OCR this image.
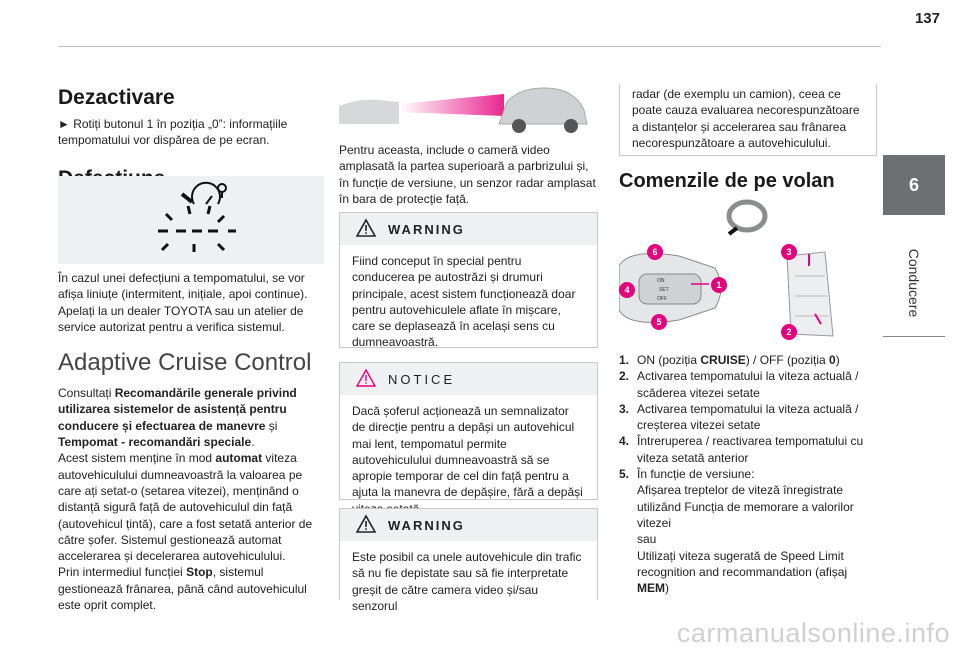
137
6
Conducere
Dezactivare

► Rotiți butonul 1 în poziția „0”: informațiile tempomatului vor dispărea de pe ecran.

În cazul unei defecțiuni a tempomatului, se vor afișa liniuțe (intermitent, inițiale, apoi continue). Apelați la un dealer TOYOTA sau un atelier de service autorizat pentru a verifica sistemul.

Adaptive Cruise Control

Consultați Recomandările generale privind utilizarea sistemelor de asistență pentru conducere și efectuarea de manevre și Tempomat - recomandări speciale.

Acest sistem menține în mod automat viteza autovehiculului dumneavoastră la valoarea pe care ați setat-o (setarea vitezei), menținând o distanță sigură față de autovehiculul din față (autovehicul țintă), care a fost setată anterior de către șofer. Sistemul gestionează automat accelerarea și decelerarea autovehiculului.

Prin intermediul funcției Stop, sistemul gestionează frânarea, până când autovehiculul este oprit complet.

Pentru aceasta, include o cameră video amplasată la partea superioară a parbrizului și, în funcție de versiune, un senzor radar amplasat în bara de protecție față.

WARNING
Fiind conceput în special pentru conducerea pe autostrăzi și drumuri principale, acest sistem funcționează doar pentru autovehiculele aflate în mișcare, care se deplasează în același sens cu dumneavoastră.
NOTICE
Dacă șoferul acționează un semnalizator de direcție pentru a depăși un autovehicul mai lent, tempomatul permite autovehiculului dumneavoastră să se apropie temporar de cel din față pentru a ajuta la manevra de depășire, fără a depăși
WARNING
Este posibil ca unele autovehicule din trafic să nu fie depistate sau să fie interpretate greșit de către camera video și/sau senzorul
radar (de exemplu un camion), ceea ce poate cauza evaluarea necorespunzătoare a distanțelor și accelerarea sau frânarea necorespunzătoare a autovehiculului.
Comenzile de pe volan
ON
SET
OFF
6
4	1
5
3
2
1. ON (poziția CRUISE) / OFF (poziția 0)
2. Activarea tempomatului la viteza actuală / scăderea vitezei setate
3. Activarea tempomatului la viteza actuală / creșterea vitezei setate
4. Întreruperea / reactivarea tempomatului cu viteza setată anterior
5. În funcție de versiune:
Afișarea treptelor de viteză înregistrate utilizând Funcția de memorare a valorilor vitezei
sau
Utilizați viteza sugerată de Speed Limit recognition and recommandation (afișaj MEM)
carmanualsonline.info
